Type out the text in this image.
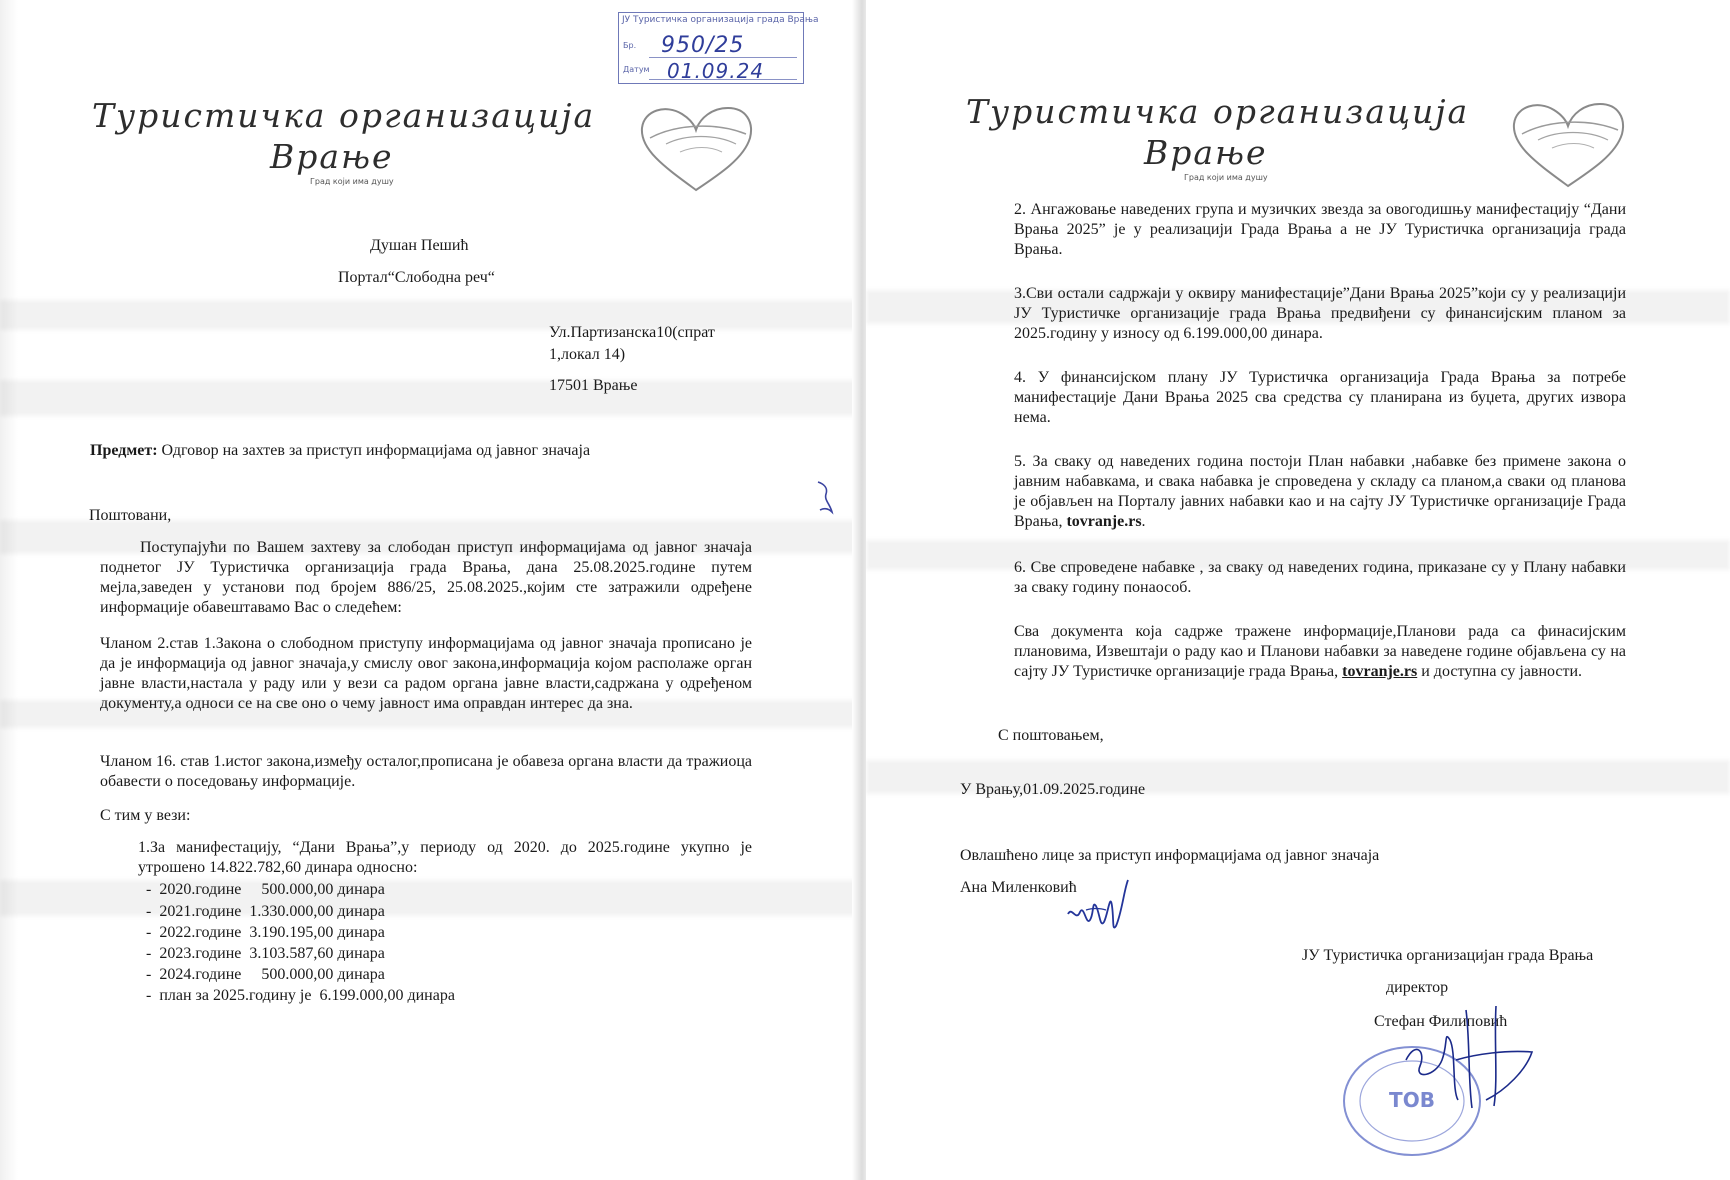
ЈУ Туристичка организација града Врања
Бр. 950/25
Датум 01.09.24
Туристичка организација
Врање
Град који има душу
Душан Пешић
Портал“Слободна реч“
Ул.Партизанска10(спрат
1,локал 14)
17501 Врање
Предмет: Одговор на захтев за приступ информацијама од јавног значаја
Поштовани,
Поступајући по Вашем захтеву за слободан приступ информацијама од јавног значаја поднетог ЈУ Туристичка организација града Врања, дана 25.08.2025.године путем мејла,заведен у установи под бројем 886/25, 25.08.2025.,којим сте затражили одређене информације обавештавамо Вас о следећем:
Чланом 2.став 1.Закона о слободном приступу информацијама од јавног значаја прописано је да је информација од јавног значаја,у смислу овог закона,информација којом располаже орган јавне власти,настала у раду или у вези са радом органа јавне власти,садржана у одређеном документу,а односи се на све оно о чему јавност има оправдан интерес да зна.
Чланом 16. став 1.истог закона,између осталог,прописана је обавеза органа власти да тражиоца обавести о поседовању информације.
С тим у вези:
1.За манифестацију, “Дани Врања”,у периоду од 2020. до 2025.године укупно је утрошено 14.822.782,60 динара односно:
-  2020.године     500.000,00 динара
-  2021.године  1.330.000,00 динара
-  2022.године  3.190.195,00 динара
-  2023.године  3.103.587,60 динара
-  2024.године     500.000,00 динара
-  план за 2025.годину је  6.199.000,00 динара
Туристичка организација
Врање
Град који има душу
2. Ангажовање наведених група и музичких звезда за овогодишњу манифестацију “Дани Врања 2025” је у реализацији Града Врања а не ЈУ Туристичка организација града Врања.
3.Сви остали садржаји у оквиру манифестације”Дани Врања 2025”који су у реализацији ЈУ Туристичке организације града Врања предвиђени су финансијским планом за 2025.годину у износу од 6.199.000,00 динара.
4. У финансијском плану ЈУ Туристичка организација Града Врања за потребе манифестације Дани Врања 2025 сва средства су планирана из буџета, других извора нема.
5. За сваку од наведених година постоји План набавки ,набавке без примене закона о јавним набавкама, и свака набавка је спроведена у складу са планом,а сваки од планова је објављен на Порталу јавних набавки као и на сајту ЈУ Туристичке организације Града Врања, tovranje.rs.
6. Све спроведене набавке , за сваку од наведених година, приказане су у Плану набавки за сваку годину понаособ.
Сва документа која садрже тражене информације,Планови рада са финасијским плановима, Извештаји о раду као и Планови набавки за наведене године објављена су на сајту ЈУ Туристичке организације града Врања, tovranje.rs и доступна су јавности.
С поштовањем,
У Врању,01.09.2025.године
Овлашћено лице за приступ информацијама од јавног значаја
Ана Миленковић
ЈУ Туристичка организацијан града Врања
директор
Стефан Филиповић
ТОВ
